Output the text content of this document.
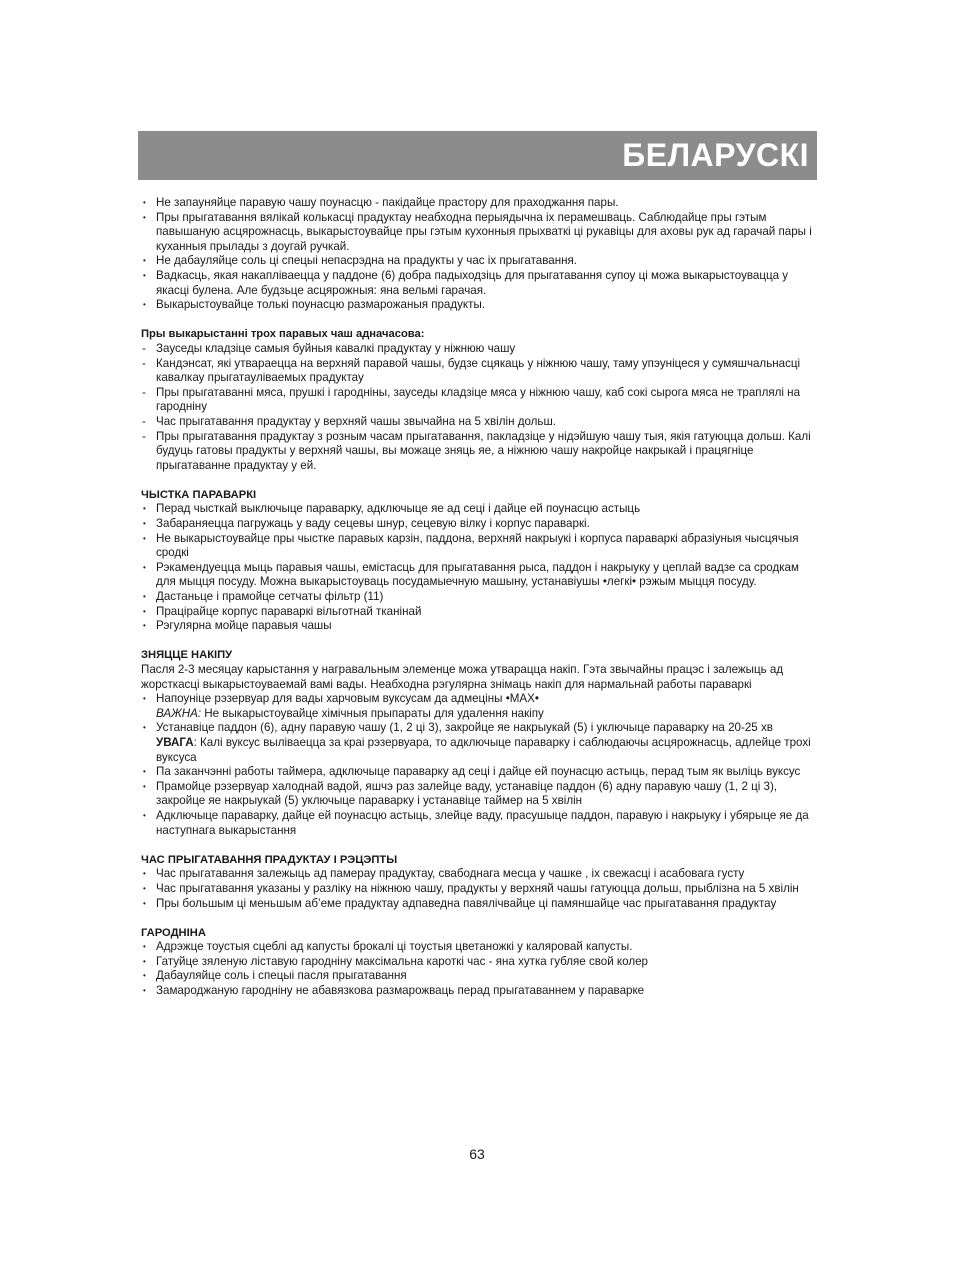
БЕЛАРУСКІ
• Не запауняйце паравую чашу поунасцю - пакідайце прастору для праходжання пары.
• Пры прыгатавання вялікай колькасці прадуктау неабходна перыядычна іх перамешваць. Саблюдайце пры гэтым павышаную асцярожнасць, выкарыстоувайце пры гэтым кухонныя прыхваткі ці рукавіцы для аховы рук ад гарачай пары і куханныя прылады з доугай ручкай.
• Не дабауляйце соль ці спецыі непасрэдна на прадукты у час іх прыгатавання.
• Вадкасць, якая накапліваецца у паддоне (6) добра падыходзіць для прыгатавання супоу ці можа выкарыстоувацца у якасці булена. Але будзьце асцярожныя: яна вельмі гарачая.
• Выкарыстоувайце толькі поунасцю размарожаныя прадукты.

Пры выкарыстанні трох паравых чаш адначасова:

- Зауседы кладзіце самыя буйныя кавалкі прадуктау у ніжнюю чашу
- Кандэнсат, які утвараецца на верхняй паравой чашы, будзе сцякаць у ніжнюю чашу, таму упэуніцеся у сумяшчальнасці кавалкау прыгатауліваемых прадуктау
- Пры прыгатаванні мяса, прушкі і гароднiны, зауседы кладзіце мяса у ніжнюю чашу, каб сокі сырога мяса не траплялі на гародніну
- Час прыгатавання прадуктау у верхняй чашы звычайна на 5 хвілін дольш.
- Пры прыгатавання прадуктау з розным часам прыгатавання, пакладзіце у нідэйшую чашу тыя, якія гатуюцца дольш. Калі будуць гатовы прадукты у верхняй чашы, вы можаце зняць яе, а ніжнюю чашу накройце накрыкай і працягніце прыгатаванне прадуктау у ей.

ЧЫСТКА ПАРАВАРКІ

• Перад чысткай выключыце параварку, адключыце яе ад сеці і дайце ей поунасцю астыць
• Забараняецца пагружаць у ваду сецевы шнур, сецевую вілку і корпус параваркі.
• Не выкарыстоувайце пры чыстке паравых карзін, паддона, верхняй накрыукі і корпуса параваркі абразіуныя чысцячыя сродкі
• Рэкамендуецца мыць паравыя чашы, емістасць для прыгатавання рыса, паддон і накрыуку у цеплай вадзе са сродкам для мыцця посуду. Можна выкарыстоуваць посудамыечную машыну, устанавіушы •легкі• рэжым мыцця посуду.
• Дастаньце і прамойце сетчаты фільтр (11)
• Працірайце корпус параваркі вільготнай тканінай
• Рэгулярна мойце паравыя чашы

ЗНЯЦЦЕ НАКІПУ

Пасля 2-3 месяцау карыстання у награвальным элеменце можа утварацца накіп. Гэта звычайны працэс і залежыць ад жорсткасці выкарыстоуваемай вамі вады. Неабходна рэгулярна знімаць накіп для нармальнай работы параваркі

• Напоуніце рэзервуар для вады харчовым вуксусам да адмецiны •MAX•
ВАЖНА: Не выкарыстоувайце хімічныя прыпараты для удалення накіпу
• Устанавіце паддон (6), адну паравую чашу (1, 2 ці 3), закройце яе накрыукай (5) і уключыце параварку на 20-25 хв
УВАГА: Калі вуксус выліваецца за краі рэзервуара, то адключыце параварку і саблюдаючы асцярожнасць, адлейце трохі вуксуса
• Па заканчэнні работы таймера, адключыце параварку ад сеці і дайце ей поунасцю астыць, перад тым як выліць вуксус
• Прамойце рэзервуар халоднай вадой, яшчэ раз залейце ваду, устанавіце паддон (6) адну паравую чашу (1, 2 ці 3), закройце яе накрыукай (5) уключыце параварку і устанавіце таймер на 5 хвілін
• Адключыце параварку, дайце ей поунасцю астыць, злейце ваду, прасушыце паддон, паравую і накрыуку і убярыце яе да наступнага выкарыстання

ЧАС ПРЫГАТАВАННЯ ПРАДУКТАУ І РЭЦЭПТЫ

• Час прыгатавання залежыць ад памерау прадуктау, свабоднага месца у чашке , іх свежасці і асабовага густу
• Час прыгатавання указаны у разліку на ніжнюю чашу, прадукты у верхняй чашы гатуюцца дольш, прыблізна на 5 хвілін
• Пры большым ці меньшым аб’еме прадуктау адпаведна павялічвайце ці памяншайце час прыгатавання прадуктау

ГАРОДНІНА

• Адрэжце тоустыя сцеблі ад капусты брокалі ці тоустыя цветаножкі у каляровай капусты.
• Гатуйце зяленую ліставую гародніну максімальна кароткі час - яна хутка губляе свой колер
• Дабауляйце соль і спецыі пасля прыгатавання
• Замароджаную гародніну не абавязкова размарожваць перад прыгатаваннем у параварке
63
